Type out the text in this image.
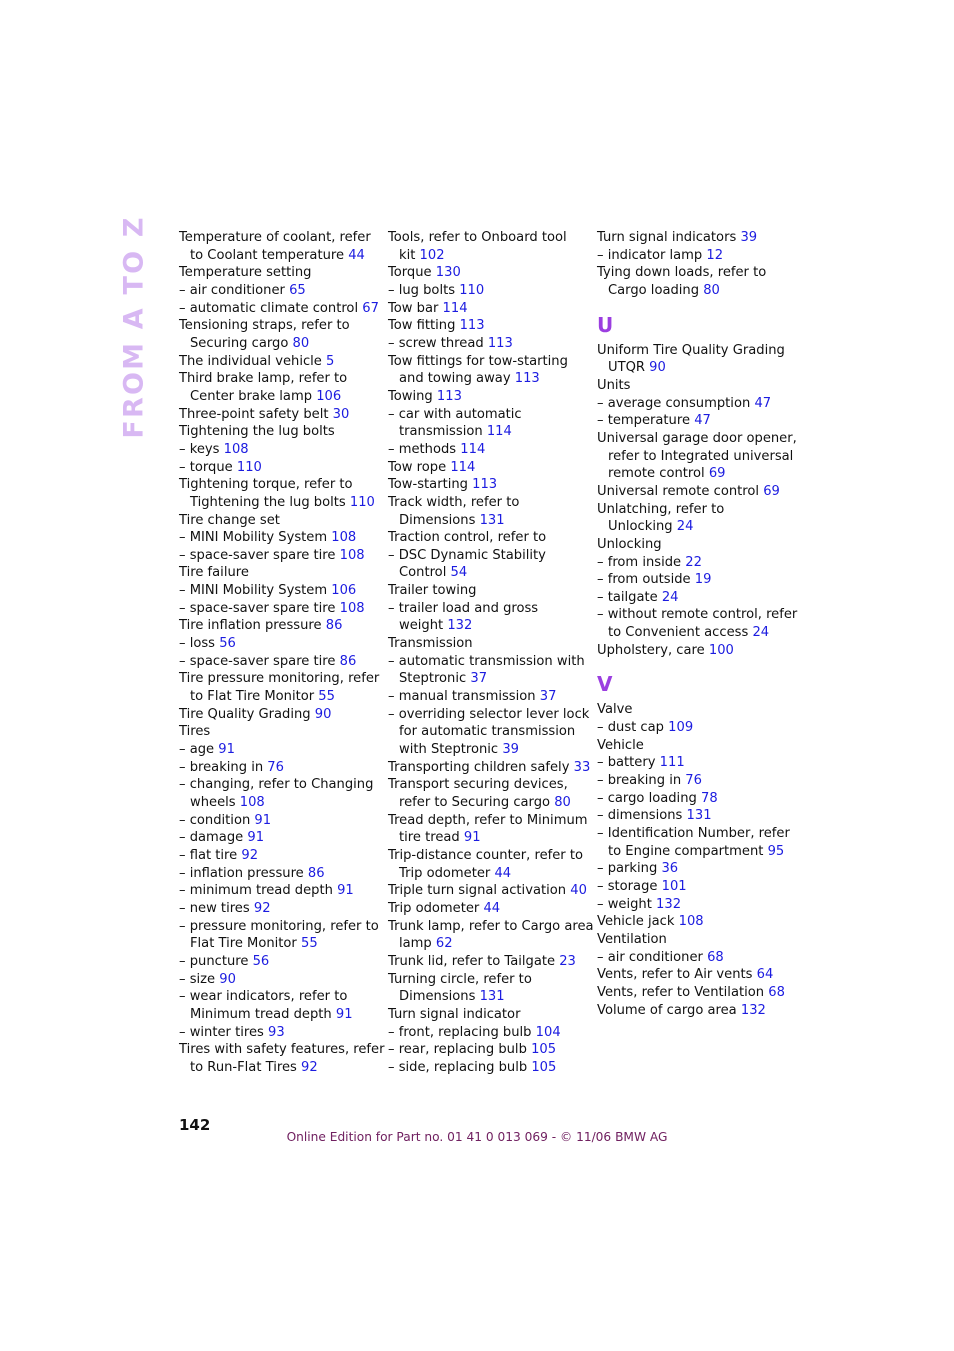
FROM A TO Z Temperature of coolant, refer
to Coolant temperature 44
Temperature setting
– air conditioner 65
– automatic climate control 67
Tensioning straps, refer to
Securing cargo 80
The individual vehicle 5
Third brake lamp, refer to
Center brake lamp 106
Three-point safety belt 30
Tightening the lug bolts
– keys 108
– torque 110
Tightening torque, refer to
Tightening the lug bolts 110
Tire change set
– MINI Mobility System 108
– space-saver spare tire 108
Tire failure
– MINI Mobility System 106
– space-saver spare tire 108
Tire inflation pressure 86
– loss 56
– space-saver spare tire 86
Tire pressure monitoring, refer
to Flat Tire Monitor 55
Tire Quality Grading 90
Tires
– age 91
– breaking in 76
– changing, refer to Changing
wheels 108
– condition 91
– damage 91
– flat tire 92
– inflation pressure 86
– minimum tread depth 91
– new tires 92
– pressure monitoring, refer to
Flat Tire Monitor 55
– puncture 56
– size 90
– wear indicators, refer to
Minimum tread depth 91
– winter tires 93
Tires with safety features, refer
to Run-Flat Tires 92
Tools, refer to Onboard tool
kit 102
Torque 130
– lug bolts 110
Tow bar 114
Tow fitting 113
– screw thread 113
Tow fittings for tow-starting
and towing away 113
Towing 113
– car with automatic
transmission 114
– methods 114
Tow rope 114
Tow-starting 113
Track width, refer to
Dimensions 131
Traction control, refer to
– DSC Dynamic Stability
Control 54
Trailer towing
– trailer load and gross
weight 132
Transmission
– automatic transmission with
Steptronic 37
– manual transmission 37
– overriding selector lever lock
for automatic transmission
with Steptronic 39
Transporting children safely 33
Transport securing devices,
refer to Securing cargo 80
Tread depth, refer to Minimum
tire tread 91
Trip-distance counter, refer to
Trip odometer 44
Triple turn signal activation 40
Trip odometer 44
Trunk lamp, refer to Cargo area
lamp 62
Trunk lid, refer to Tailgate 23
Turning circle, refer to
Dimensions 131
Turn signal indicator
– front, replacing bulb 104
– rear, replacing bulb 105
– side, replacing bulb 105
Turn signal indicators 39
– indicator lamp 12
Tying down loads, refer to
Cargo loading 80
U
Uniform Tire Quality Grading
UTQR 90
Units
– average consumption 47
– temperature 47
Universal garage door opener,
refer to Integrated universal
remote control 69
Universal remote control 69
Unlatching, refer to
Unlocking 24
Unlocking
– from inside 22
– from outside 19
– tailgate 24
– without remote control, refer
to Convenient access 24
Upholstery, care 100
V
Valve
– dust cap 109
Vehicle
– battery 111
– breaking in 76
– cargo loading 78
– dimensions 131
– Identification Number, refer
to Engine compartment 95
– parking 36
– storage 101
– weight 132
Vehicle jack 108
Ventilation
– air conditioner 68
Vents, refer to Air vents 64
Vents, refer to Ventilation 68
Volume of cargo area 132
142
Online Edition for Part no. 01 41 0 013 069 - © 11/06 BMW AG
